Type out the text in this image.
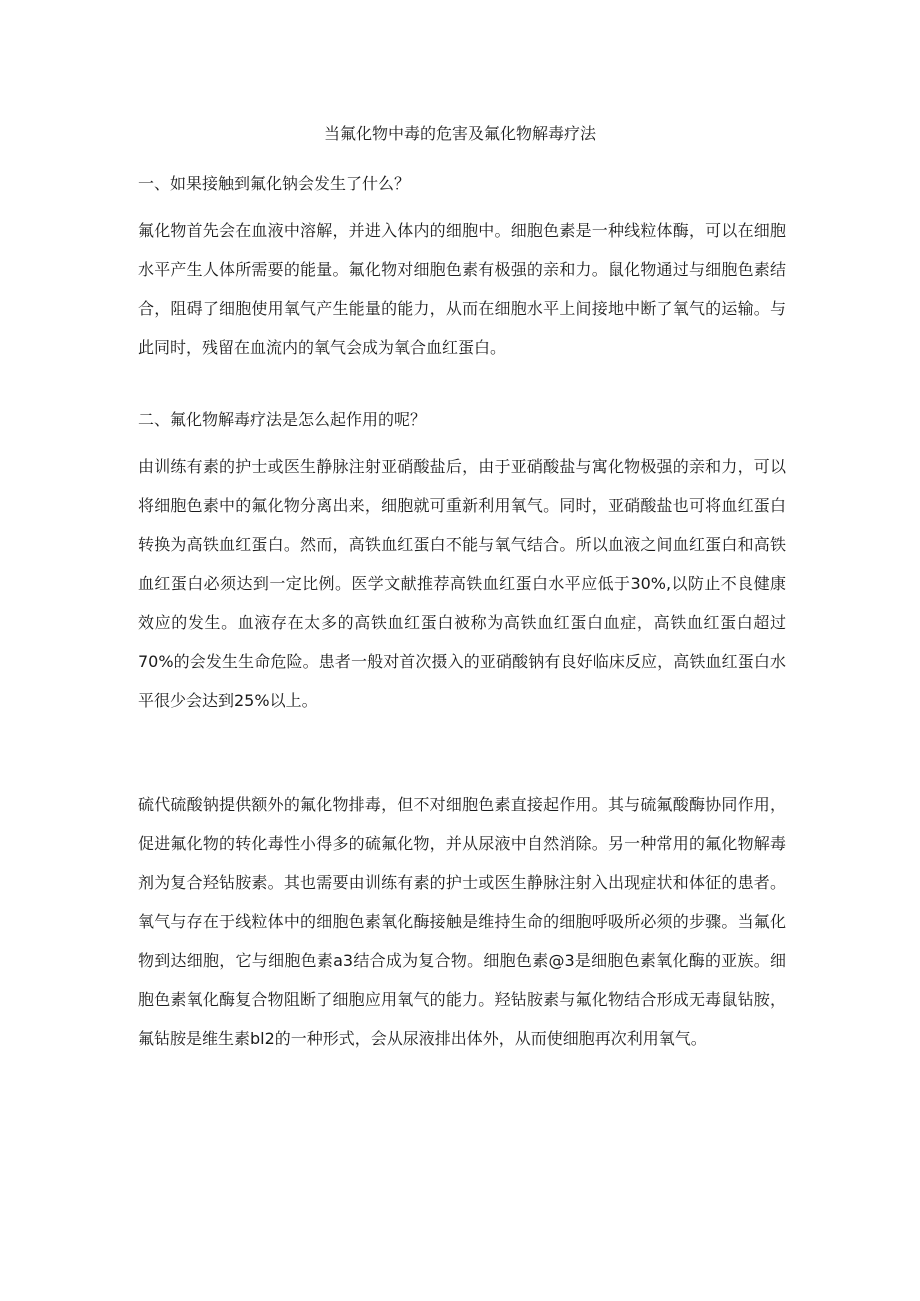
当氟化物中毒的危害及氟化物解毒疗法
一、如果接触到氟化钠会发生了什么？

氟化物首先会在血液中溶解，并进入体内的细胞中。细胞色素是一种线粒体酶，可以在细胞水平产生人体所需要的能量。氟化物对细胞色素有极强的亲和力。鼠化物通过与细胞色素结合，阻碍了细胞使用氧气产生能量的能力，从而在细胞水平上间接地中断了氧气的运输。与此同时，残留在血流内的氧气会成为氧合血红蛋白。

二、氟化物解毒疗法是怎么起作用的呢？

由训练有素的护士或医生静脉注射亚硝酸盐后，由于亚硝酸盐与寓化物极强的亲和力，可以将细胞色素中的氟化物分离出来，细胞就可重新利用氧气。同时，亚硝酸盐也可将血红蛋白转换为高铁血红蛋白。然而，高铁血红蛋白不能与氧气结合。所以血液之间血红蛋白和高铁血红蛋白必须达到一定比例。医学文献推荐高铁血红蛋白水平应低于30%,以防止不良健康效应的发生。血液存在太多的高铁血红蛋白被称为高铁血红蛋白血症，高铁血红蛋白超过70%的会发生生命危险。患者一般对首次摄入的亚硝酸钠有良好临床反应，高铁血红蛋白水平很少会达到25%以上。

硫代硫酸钠提供额外的氟化物排毒，但不对细胞色素直接起作用。其与硫氟酸酶协同作用，促进氟化物的转化毒性小得多的硫氟化物，并从尿液中自然消除。另一种常用的氟化物解毒剂为复合羟钻胺素。其也需要由训练有素的护士或医生静脉注射入出现症状和体征的患者。氧气与存在于线粒体中的细胞色素氧化酶接触是维持生命的细胞呼吸所必须的步骤。当氟化物到达细胞，它与细胞色素a3结合成为复合物。细胞色素@3是细胞色素氧化酶的亚族。细胞色素氧化酶复合物阻断了细胞应用氧气的能力。羟钻胺素与氟化物结合形成无毒鼠钻胺，氟钻胺是维生素bl2的一种形式，会从尿液排出体外，从而使细胞再次利用氧气。
